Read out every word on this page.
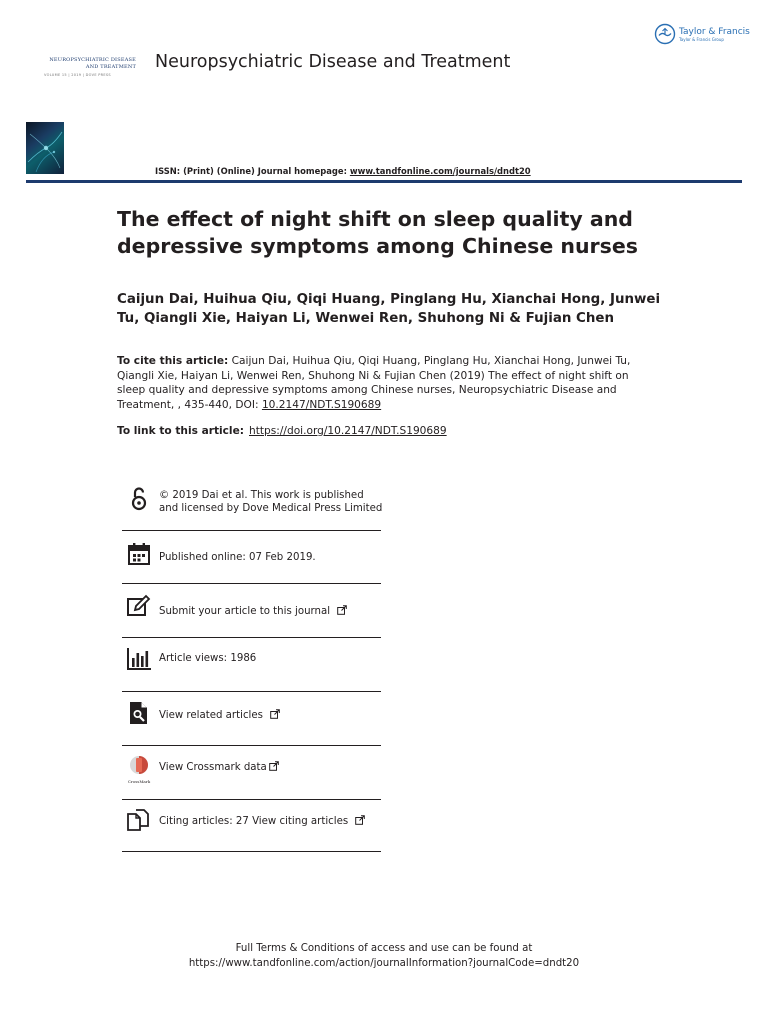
NEUROPSYCHIATRIC DISEASE
AND TREATMENT
VOLUME 15 | 2019 | DOVE PRESS
Neuropsychiatric Disease and Treatment
Taylor & Francis
Taylor & Francis Group
ISSN: (Print) (Online) Journal homepage: www.tandfonline.com/journals/dndt20
The effect of night shift on sleep quality and depressive symptoms among Chinese nurses
Caijun Dai, Huihua Qiu, Qiqi Huang, Pinglang Hu, Xianchai Hong, Junwei Tu, Qiangli Xie, Haiyan Li, Wenwei Ren, Shuhong Ni & Fujian Chen
To cite this article: Caijun Dai, Huihua Qiu, Qiqi Huang, Pinglang Hu, Xianchai Hong, Junwei Tu, Qiangli Xie, Haiyan Li, Wenwei Ren, Shuhong Ni & Fujian Chen (2019) The effect of night shift on sleep quality and depressive symptoms among Chinese nurses, Neuropsychiatric Disease and Treatment, , 435-440, DOI: 10.2147/NDT.S190689
To link to this article: https://doi.org/10.2147/NDT.S190689
© 2019 Dai et al. This work is published and licensed by Dove Medical Press Limited
Published online: 07 Feb 2019.
Submit your article to this journal
Article views: 1986
View related articles
CrossMark
View Crossmark data
Citing articles: 27 View citing articles
Full Terms & Conditions of access and use can be found at
https://www.tandfonline.com/action/journalInformation?journalCode=dndt20
